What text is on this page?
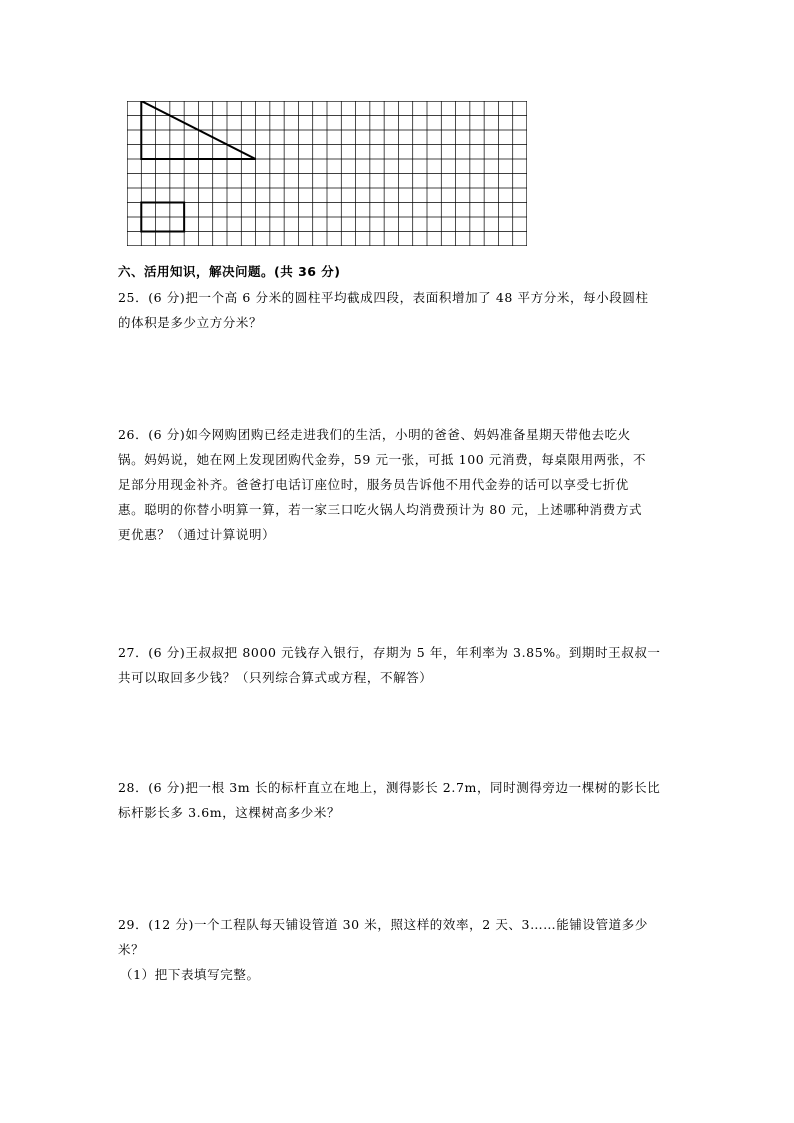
六、活用知识，解决问题。(共 36 分)
25．(6 分)把一个高 6 分米的圆柱平均截成四段，表面积增加了 48 平方分米，每小段圆柱
的体积是多少立方分米？
26．(6 分)如今网购团购已经走进我们的生活，小明的爸爸、妈妈准备星期天带他去吃火
锅。妈妈说，她在网上发现团购代金券，59 元一张，可抵 100 元消费，每桌限用两张，不
足部分用现金补齐。爸爸打电话订座位时，服务员告诉他不用代金券的话可以享受七折优
惠。聪明的你替小明算一算，若一家三口吃火锅人均消费预计为 80 元，上述哪种消费方式
更优惠？（通过计算说明）
27．(6 分)王叔叔把 8000 元钱存入银行，存期为 5 年，年利率为 3.85%。到期时王叔叔一
共可以取回多少钱？（只列综合算式或方程，不解答）
28．(6 分)把一根 3m 长的标杆直立在地上，测得影长 2.7m，同时测得旁边一棵树的影长比
标杆影长多 3.6m，这棵树高多少米？
29．(12 分)一个工程队每天铺设管道 30 米，照这样的效率，2 天、3……能铺设管道多少
米？
（1）把下表填写完整。
